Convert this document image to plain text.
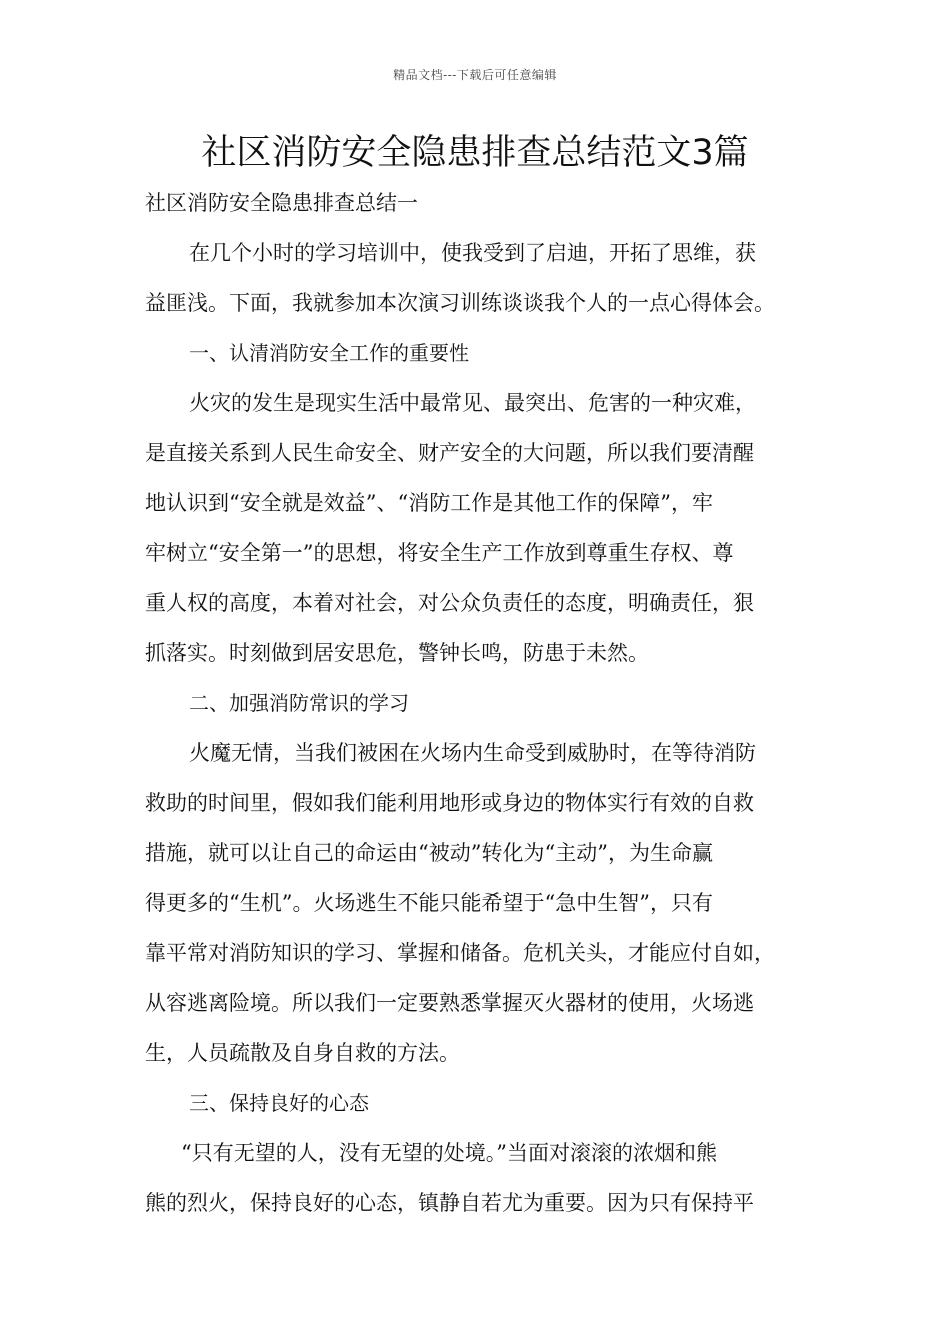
精品文档---下载后可任意编辑
社区消防安全隐患排查总结范文3篇
社区消防安全隐患排查总结一
在几个小时的学习培训中，使我受到了启迪，开拓了思维，获
益匪浅。下面，我就参加本次演习训练谈谈我个人的一点心得体会。
一、认清消防安全工作的重要性
火灾的发生是现实生活中最常见、最突出、危害的一种灾难，
是直接关系到人民生命安全、财产安全的大问题，所以我们要清醒
地认识到“安全就是效益”、“消防工作是其他工作的保障”，牢
牢树立“安全第一”的思想，将安全生产工作放到尊重生存权、尊
重人权的高度，本着对社会，对公众负责任的态度，明确责任，狠
抓落实。时刻做到居安思危，警钟长鸣，防患于未然。
二、加强消防常识的学习
火魔无情，当我们被困在火场内生命受到威胁时，在等待消防
救助的时间里，假如我们能利用地形或身边的物体实行有效的自救
措施，就可以让自己的命运由“被动”转化为“主动”，为生命赢
得更多的“生机”。火场逃生不能只能希望于“急中生智”，只有
靠平常对消防知识的学习、掌握和储备。危机关头，才能应付自如，
从容逃离险境。所以我们一定要熟悉掌握灭火器材的使用，火场逃
生，人员疏散及自身自救的方法。
三、保持良好的心态
“只有无望的人，没有无望的处境。”当面对滚滚的浓烟和熊
熊的烈火，保持良好的心态，镇静自若尤为重要。因为只有保持平
